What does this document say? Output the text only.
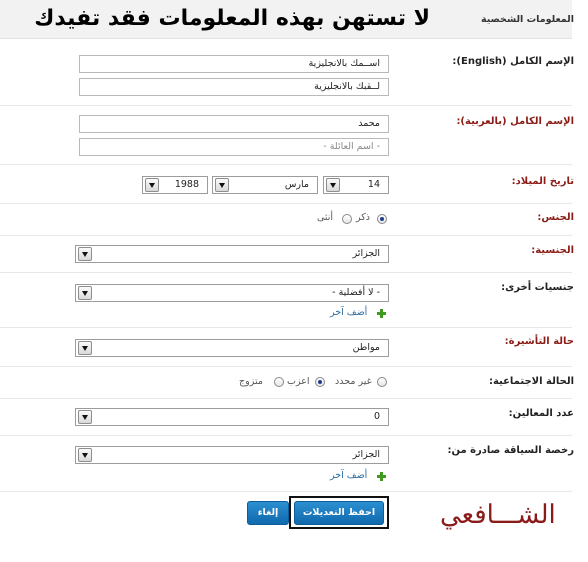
المعلومات الشخصية
لا تستهن بهذه المعلومات فقد تفيدك
الإسم الكامل (English):
اســمك بالانجليزية
لــقبك بالانجليزية
الإسم الكامل (بالعربية):
محمد
- اسم العائلة -
تاريخ الميلاد:
14
مارس
1988
الجنس:
ذكر
أنثى
الجنسية:
الجزائر
جنسيات أخرى:
- لا أفضلية -
أضف آخر
حالة التأشيرة:
مواطن
الحالة الاجتماعية:
غير محدد
اعزب
متزوج
عدد المعالين:
0
رخصة السياقة صادرة من:
الجزائر
أضف آخر
احفظ التعديلات
إلغاء	الشـــافعي
